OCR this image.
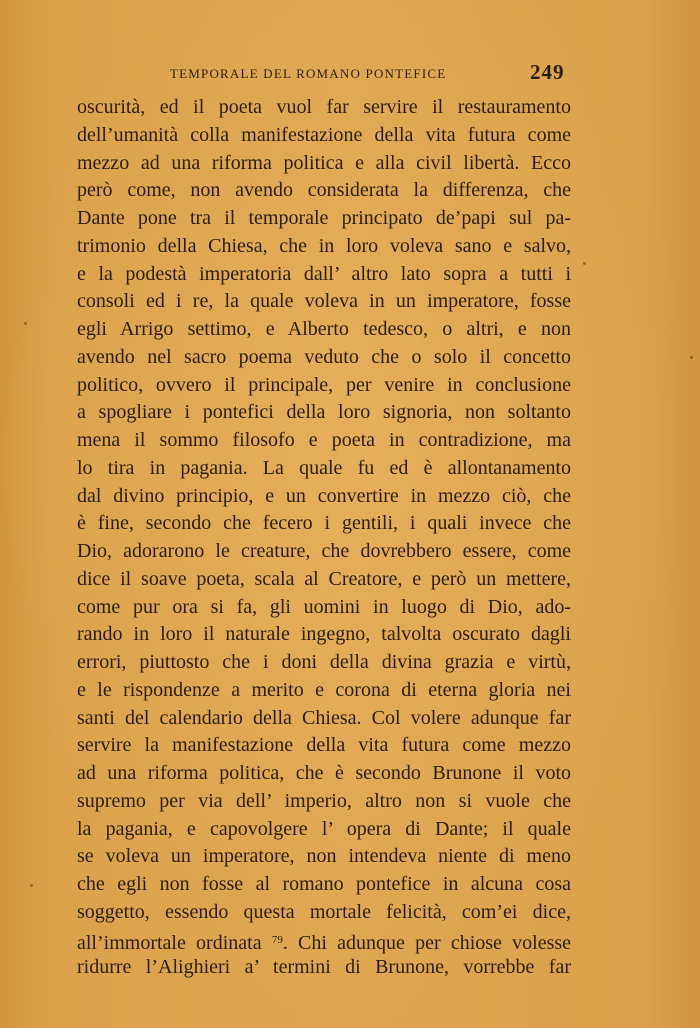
TEMPORALE DEL ROMANO PONTEFICE	249
oscurità, ed il poeta vuol far servire il restauramento
dell’umanità colla manifestazione della vita futura come
mezzo ad una riforma politica e alla civil libertà. Ecco
però come, non avendo considerata la differenza, che
Dante pone tra il temporale principato de’papi sul pa-
trimonio della Chiesa, che in loro voleva sano e salvo,
e la podestà imperatoria dall’ altro lato sopra a tutti i
consoli ed i re, la quale voleva in un imperatore, fosse
egli Arrigo settimo, e Alberto tedesco, o altri, e non
avendo nel sacro poema veduto che o solo il concetto
politico, ovvero il principale, per venire in conclusione
a spogliare i pontefici della loro signoria, non soltanto
mena il sommo filosofo e poeta in contradizione, ma
lo tira in pagania. La quale fu ed è allontanamento
dal divino principio, e un convertire in mezzo ciò, che
è fine, secondo che fecero i gentili, i quali invece che
Dio, adorarono le creature, che dovrebbero essere, come
dice il soave poeta, scala al Creatore, e però un mettere,
come pur ora si fa, gli uomini in luogo di Dio, ado-
rando in loro il naturale ingegno, talvolta oscurato dagli
errori, piuttosto che i doni della divina grazia e virtù,
e le rispondenze a merito e corona di eterna gloria nei
santi del calendario della Chiesa. Col volere adunque far
servire la manifestazione della vita futura come mezzo
ad una riforma politica, che è secondo Brunone il voto
supremo per via dell’ imperio, altro non si vuole che
la pagania, e capovolgere l’ opera di Dante; il quale
se voleva un imperatore, non intendeva niente di meno
che egli non fosse al romano pontefice in alcuna cosa
soggetto, essendo questa mortale felicità, com’ei dice,
all’immortale ordinata $^{79}$. Chi adunque per chiose volesse
ridurre l’Alighieri a’ termini di Brunone, vorrebbe far
